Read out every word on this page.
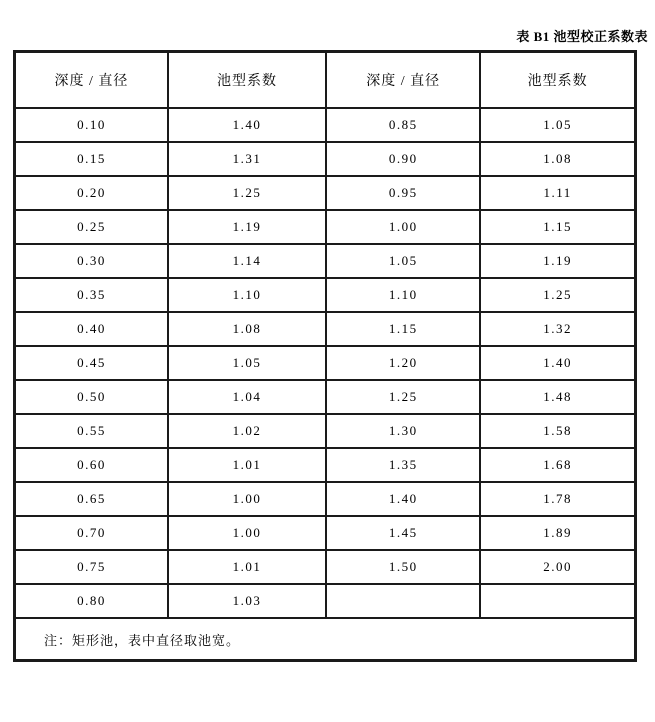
表 B1 池型校正系数表
深度 / 直径	池型系数	深度 / 直径	池型系数
0.10	1.40	0.85	1.05
0.15	1.31	0.90	1.08
0.20	1.25	0.95	1.11
0.25	1.19	1.00	1.15
0.30	1.14	1.05	1.19
0.35	1.10	1.10	1.25
0.40	1.08	1.15	1.32
0.45	1.05	1.20	1.40
0.50	1.04	1.25	1.48
0.55	1.02	1.30	1.58
0.60	1.01	1.35	1.68
0.65	1.00	1.40	1.78
0.70	1.00	1.45	1.89
0.75	1.01	1.50	2.00
0.80	1.03		
注：矩形池，表中直径取池宽。			
